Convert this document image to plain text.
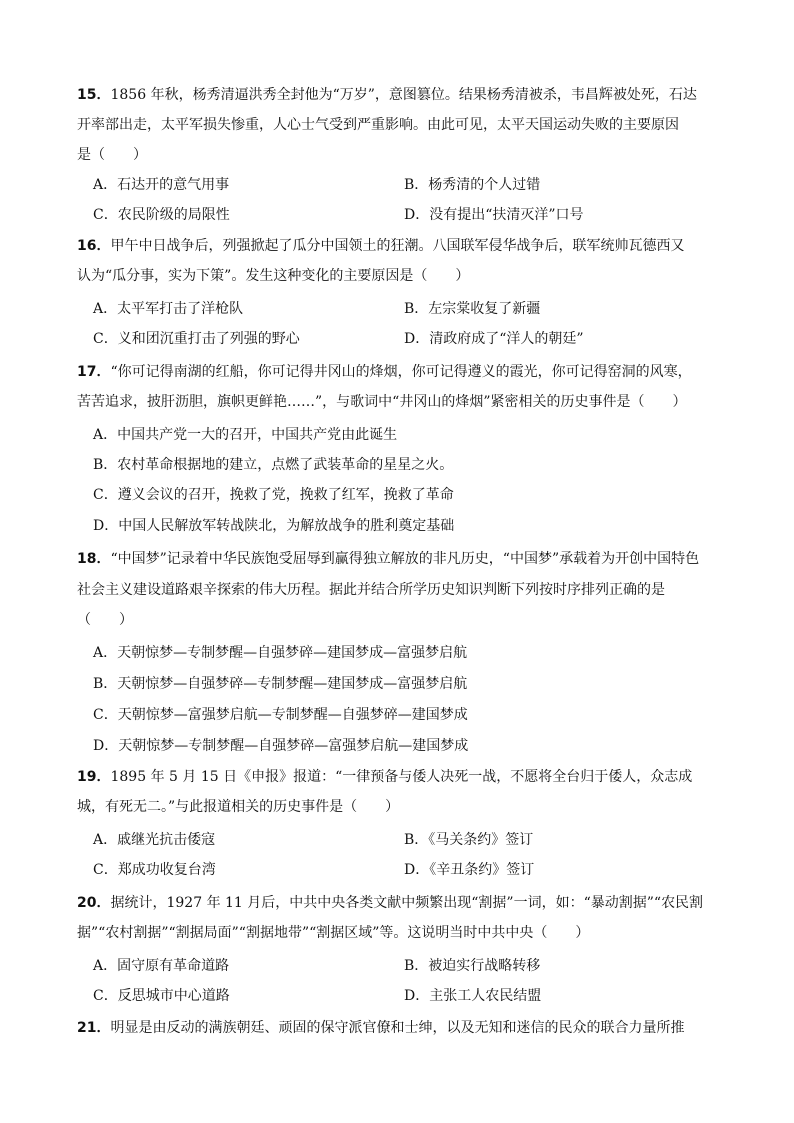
15．1856 年秋，杨秀清逼洪秀全封他为“万岁”，意图篡位。结果杨秀清被杀，韦昌辉被处死，石达
开率部出走，太平军损失惨重，人心士气受到严重影响。由此可见，太平天国运动失败的主要原因
是（　　）
A．石达开的意气用事	B．杨秀清的个人过错
C．农民阶级的局限性	D．没有提出“扶清灭洋”口号
16．甲午中日战争后，列强掀起了瓜分中国领土的狂潮。八国联军侵华战争后，联军统帅瓦德西又
认为“瓜分事，实为下策”。发生这种变化的主要原因是（　　）
A．太平军打击了洋枪队	B．左宗棠收复了新疆
C．义和团沉重打击了列强的野心	D．清政府成了“洋人的朝廷”
17．“你可记得南湖的红船，你可记得井冈山的烽烟，你可记得遵义的霞光，你可记得窑洞的风寒，
苦苦追求，披肝沥胆，旗帜更鲜艳……”，与歌词中“井冈山的烽烟”紧密相关的历史事件是（　　）
A．中国共产党一大的召开，中国共产党由此诞生
B．农村革命根据地的建立，点燃了武装革命的星星之火。
C．遵义会议的召开，挽救了党，挽救了红军，挽救了革命
D．中国人民解放军转战陕北，为解放战争的胜利奠定基础
18．“中国梦”记录着中华民族饱受屈辱到赢得独立解放的非凡历史，“中国梦”承载着为开创中国特色
社会主义建设道路艰辛探索的伟大历程。据此并结合所学历史知识判断下列按时序排列正确的是
（　　）
A．天朝惊梦—专制梦醒—自强梦碎—建国梦成—富强梦启航
B．天朝惊梦—自强梦碎—专制梦醒—建国梦成—富强梦启航
C．天朝惊梦—富强梦启航—专制梦醒—自强梦碎—建国梦成
D．天朝惊梦—专制梦醒—自强梦碎—富强梦启航—建国梦成
19．1895 年 5 月 15 日《申报》报道：“一律预备与倭人决死一战，不愿将全台归于倭人，众志成
城，有死无二。”与此报道相关的历史事件是（　　）
A．戚继光抗击倭寇	B．《马关条约》签订
C．郑成功收复台湾	D．《辛丑条约》签订
20．据统计，1927 年 11 月后，中共中央各类文献中频繁出现“割据”一词，如：“暴动割据”“农民割
据”“农村割据”“割据局面”“割据地带”“割据区域”等。这说明当时中共中央（　　）
A．固守原有革命道路	B．被迫实行战略转移
C．反思城市中心道路	D．主张工人农民结盟
21．明显是由反动的满族朝廷、顽固的保守派官僚和士绅，以及无知和迷信的民众的联合力量所推
